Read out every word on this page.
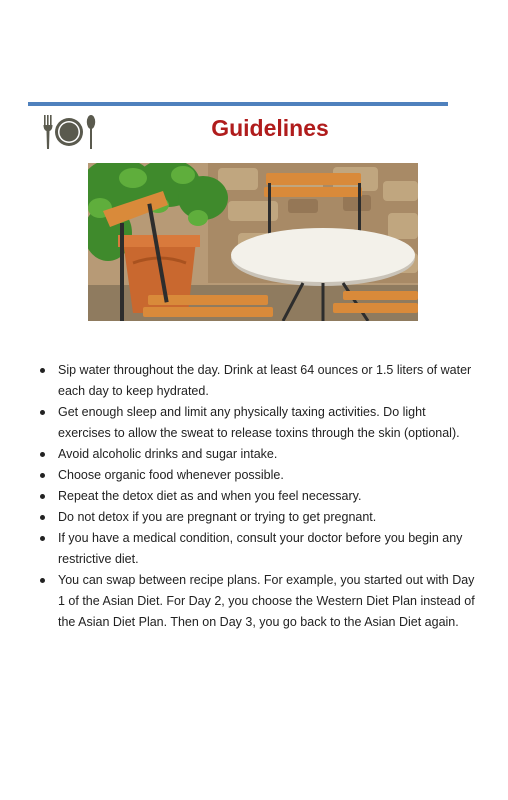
Guidelines
Sip water throughout the day. Drink at least 64 ounces or 1.5 liters of water each day to keep hydrated.
Get enough sleep and limit any physically taxing activities. Do light exercises to allow the sweat to release toxins through the skin (optional).
Avoid alcoholic drinks and sugar intake.
Choose organic food whenever possible.
Repeat the detox diet as and when you feel necessary.
Do not detox if you are pregnant or trying to get pregnant.
If you have a medical condition, consult your doctor before you begin any restrictive diet.
You can swap between recipe plans. For example, you started out with Day 1 of the Asian Diet. For Day 2, you choose the Western Diet Plan instead of the Asian Diet Plan. Then on Day 3, you go back to the Asian Diet again.
